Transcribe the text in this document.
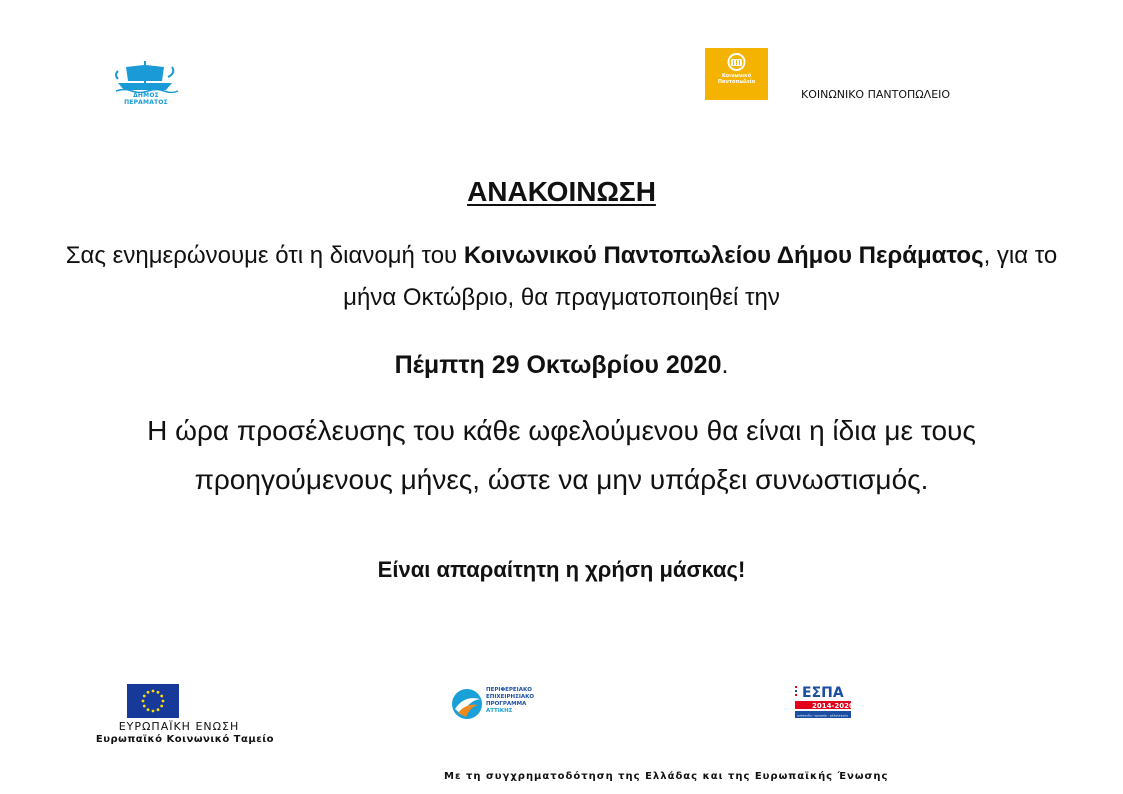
ΔΗΜΟΣ ΠΕΡΑΜΑΤΟΣ
Κοινωνικό
Παντοπωλείο
ΚΟΙΝΩΝΙΚΟ ΠΑΝΤΟΠΩΛΕΙΟ
ΑΝΑΚΟΙΝΩΣΗ
Σας ενημερώνουμε ότι η διανομή του Κοινωνικού Παντοπωλείου Δήμου Περάματος, για το μήνα Οκτώβριο, θα πραγματοποιηθεί την
Πέμπτη 29 Οκτωβρίου 2020.
Η ώρα προσέλευσης του κάθε ωφελούμενου θα είναι η ίδια με τους προηγούμενους μήνες, ώστε να μην υπάρξει συνωστισμός.
Είναι απαραίτητη η χρήση μάσκας!
ΕΥΡΩΠΑΪΚΗ ΕΝΩΣΗ
Ευρωπαϊκό Κοινωνικό Ταμείο
ΠΕΡΙΦΕΡΕΙΑΚΟ
ΕΠΙΧΕΙΡΗΣΙΑΚΟ
ΠΡΟΓΡΑΜΜΑ
ΑΤΤΙΚΗΣ
ΕΣΠΑ
2014-2020
ανάπτυξη - εργασία - αλληλεγγύη
Με τη συγχρηματοδότηση της Ελλάδας και της Ευρωπαϊκής Ένωσης
